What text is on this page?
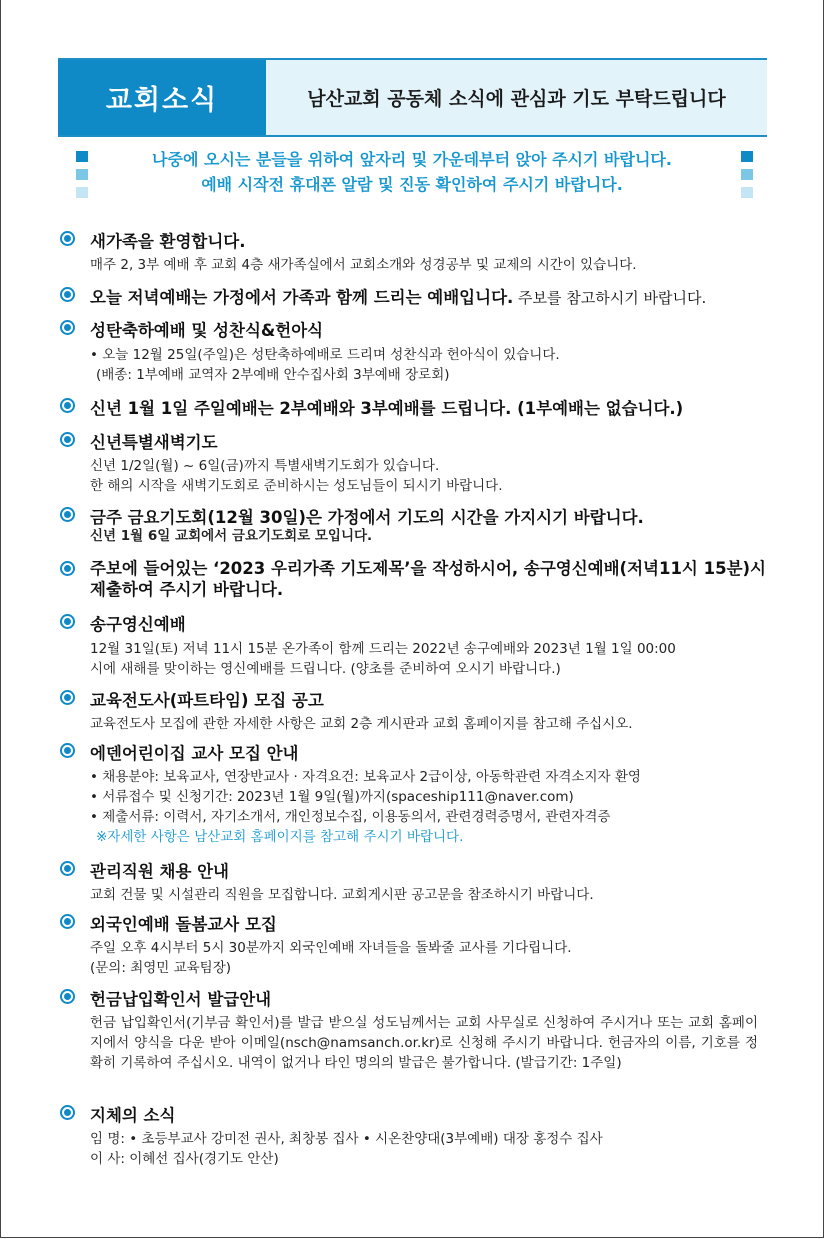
교회소식	남산교회 공동체 소식에 관심과 기도 부탁드립니다
나중에 오시는 분들을 위하여 앞자리 및 가운데부터 앉아 주시기 바랍니다.
예배 시작전 휴대폰 알람 및 진동 확인하여 주시기 바랍니다.
새가족을 환영합니다.
매주 2, 3부 예배 후 교회 4층 새가족실에서 교회소개와 성경공부 및 교제의 시간이 있습니다.
오늘 저녁예배는 가정에서 가족과 함께 드리는 예배입니다. 주보를 참고하시기 바랍니다.
성탄축하예배 및 성찬식&헌아식
• 오늘 12월 25일(주일)은 성탄축하예배로 드리며 성찬식과 헌아식이 있습니다.
(배종: 1부예배 교역자 2부예배 안수집사회 3부예배 장로회)
신년 1월 1일 주일예배는 2부예배와 3부예배를 드립니다. (1부예배는 없습니다.)
신년특별새벽기도
신년 1/2일(월) ~ 6일(금)까지 특별새벽기도회가 있습니다.
한 해의 시작을 새벽기도회로 준비하시는 성도님들이 되시기 바랍니다.
금주 금요기도회(12월 30일)은 가정에서 기도의 시간을 가지시기 바랍니다.
신년 1월 6일 교회에서 금요기도회로 모입니다.
주보에 들어있는 ‘2023 우리가족 기도제목’을 작성하시어, 송구영신예배(저녁11시 15분)시 제출하여 주시기 바랍니다.
송구영신예배
12월 31일(토) 저녁 11시 15분 온가족이 함께 드리는 2022년 송구예배와 2023년 1월 1일 00:00
시에 새해를 맞이하는 영신예배를 드립니다. (양초를 준비하여 오시기 바랍니다.)
교육전도사(파트타임) 모집 공고
교육전도사 모집에 관한 자세한 사항은 교회 2층 게시판과 교회 홈페이지를 참고해 주십시오.
에덴어린이집 교사 모집 안내
• 채용분야: 보육교사, 연장반교사 · 자격요건: 보육교사 2급이상, 아동학관련 자격소지자 환영
• 서류접수 및 신청기간: 2023년 1월 9일(월)까지(spaceship111@naver.com)
• 제출서류: 이력서, 자기소개서, 개인정보수집, 이용동의서, 관련경력증명서, 관련자격증
※자세한 사항은 남산교회 홈페이지를 참고해 주시기 바랍니다.
관리직원 채용 안내
교회 건물 및 시설관리 직원을 모집합니다. 교회게시판 공고문을 참조하시기 바랍니다.
외국인예배 돌봄교사 모집
주일 오후 4시부터 5시 30분까지 외국인예배 자녀들을 돌봐줄 교사를 기다립니다.
(문의: 최영민 교육팀장)
헌금납입확인서 발급안내
헌금 납입확인서(기부금 확인서)를 발급 받으실 성도님께서는 교회 사무실로 신청하여 주시거나 또는 교회 홈페이지에서 양식을 다운 받아 이메일(nsch@namsanch.or.kr)로 신청해 주시기 바랍니다. 헌금자의 이름, 기호를 정확히 기록하여 주십시오. 내역이 없거나 타인 명의의 발급은 불가합니다. (발급기간: 1주일)
지체의 소식
임 명: • 초등부교사 강미전 권사, 최창봉 집사 • 시온찬양대(3부예배) 대장 홍정수 집사
이 사: 이혜선 집사(경기도 안산)
